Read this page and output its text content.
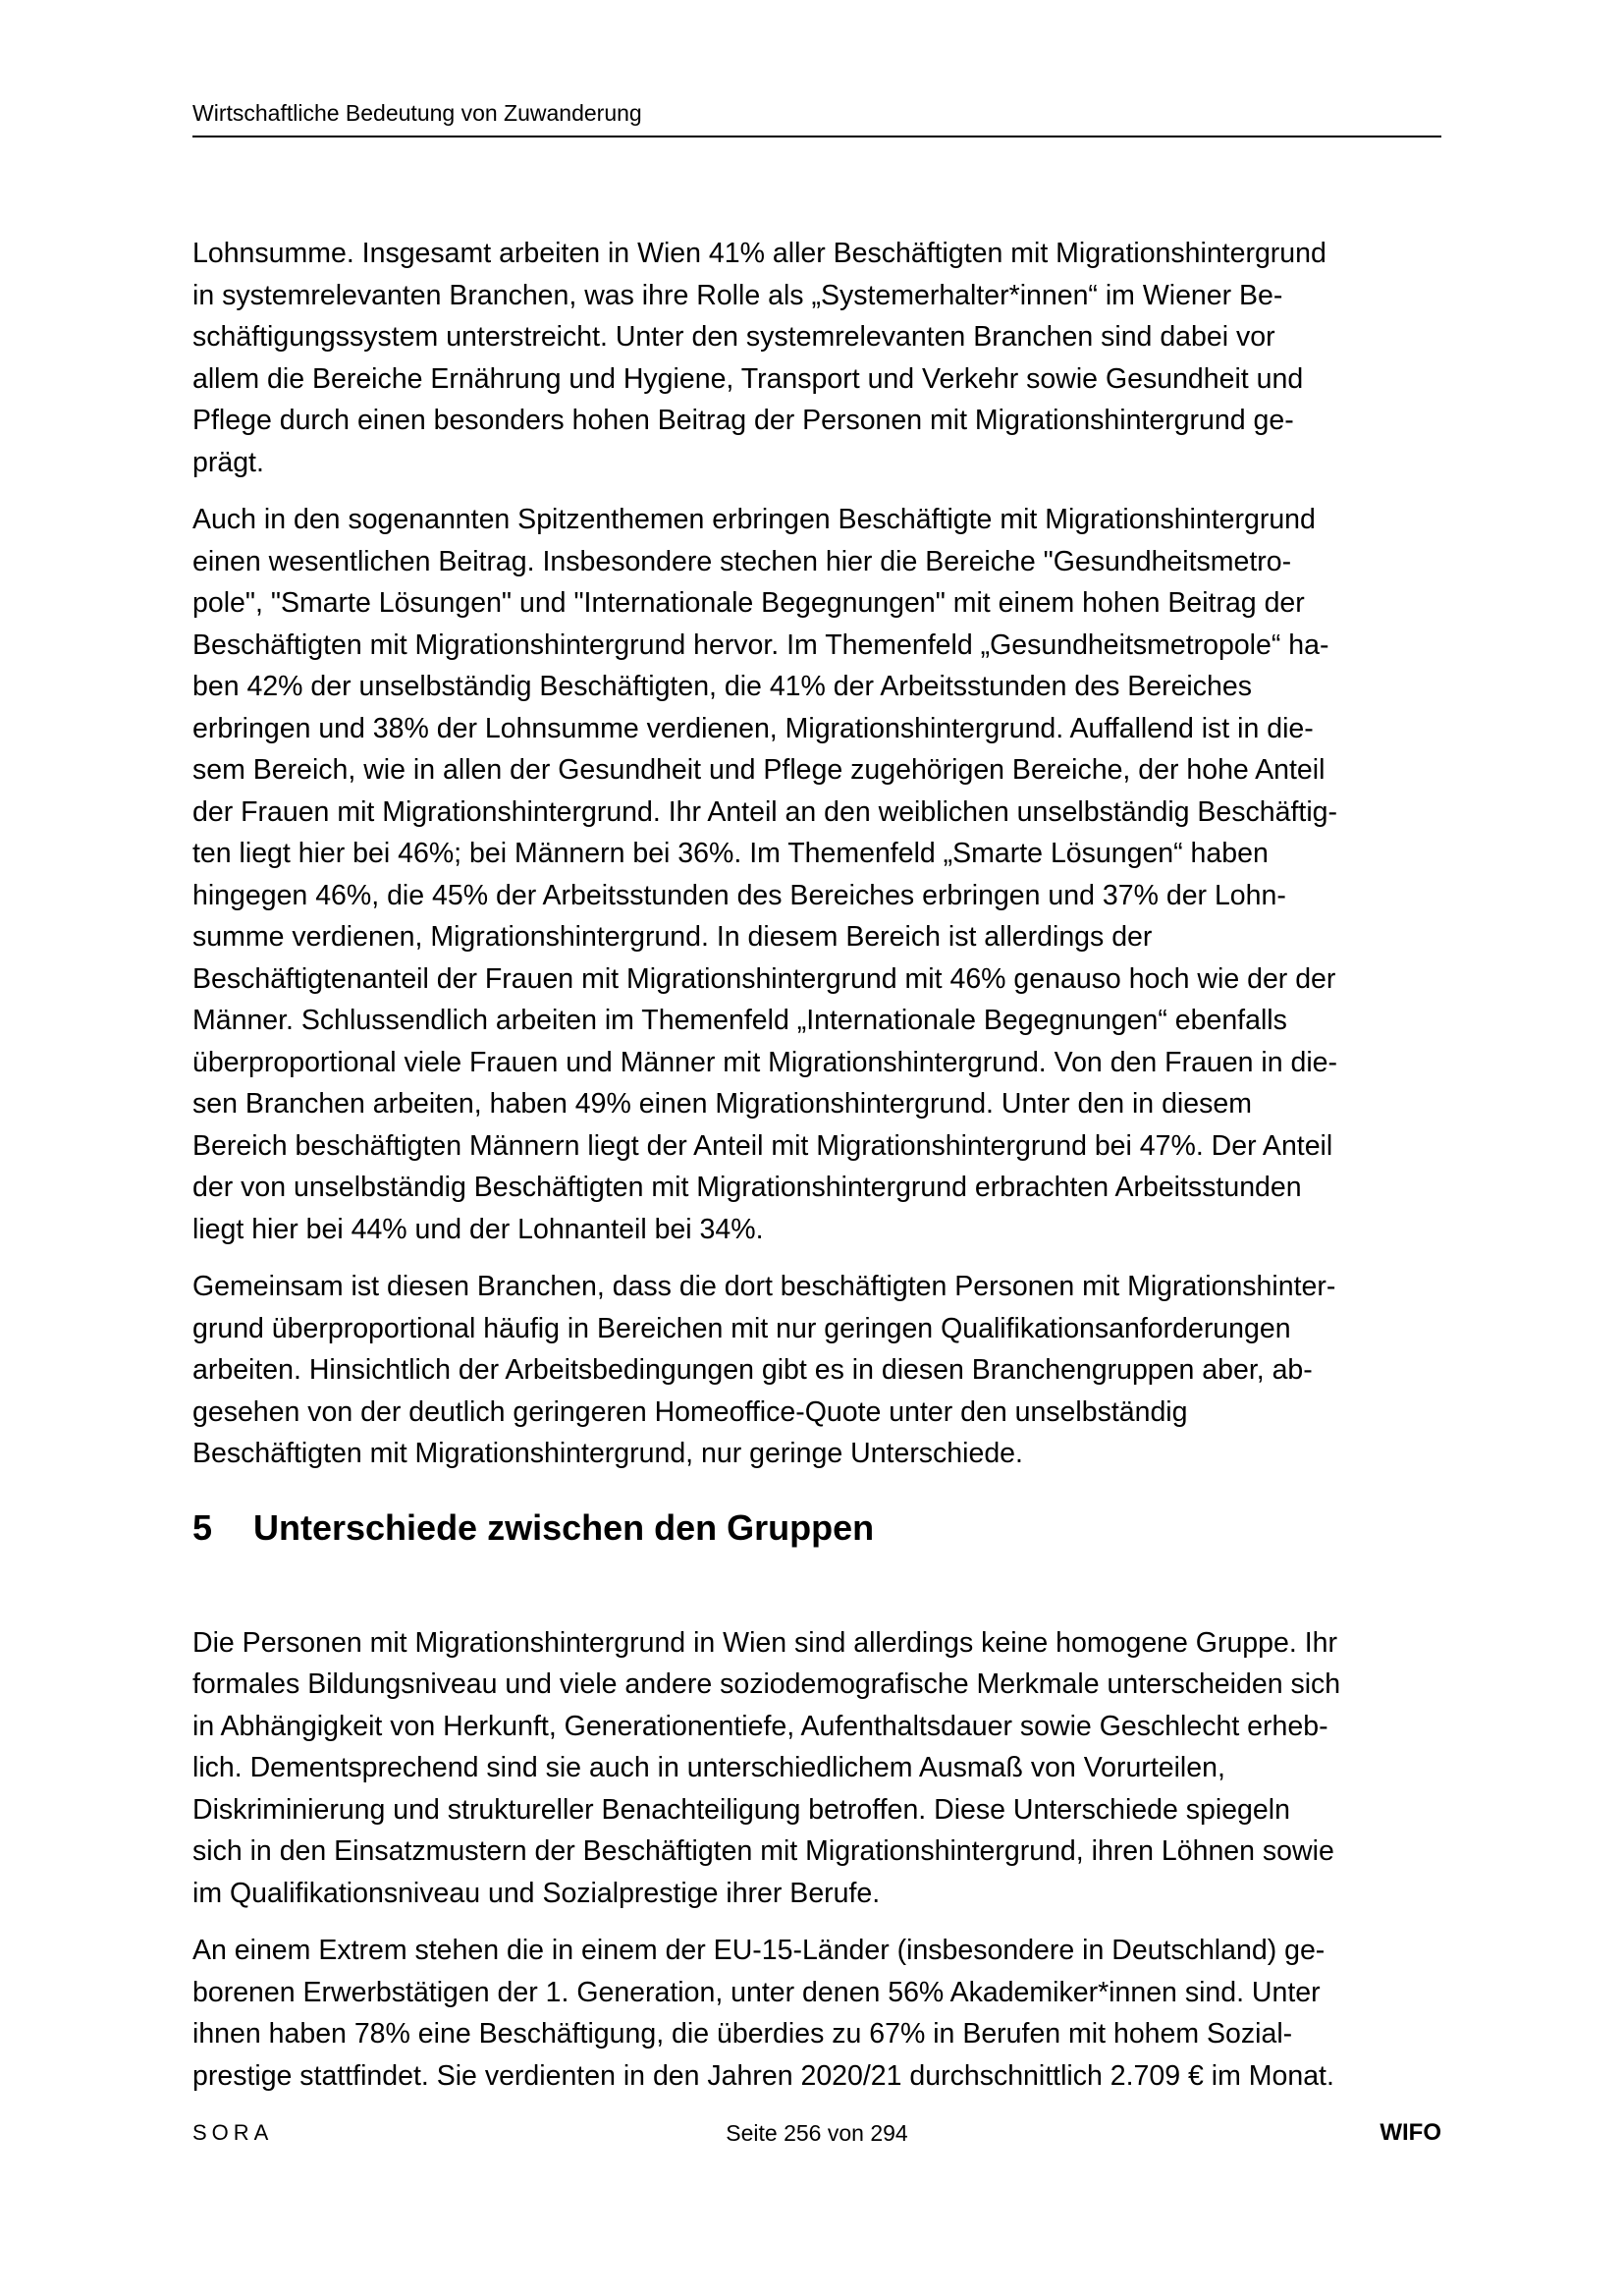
Wirtschaftliche Bedeutung von Zuwanderung

Lohnsumme. Insgesamt arbeiten in Wien 41% aller Beschäftigten mit Migrationshintergrund
in systemrelevanten Branchen, was ihre Rolle als „Systemerhalter*innen“ im Wiener Be-
schäftigungssystem unterstreicht. Unter den systemrelevanten Branchen sind dabei vor
allem die Bereiche Ernährung und Hygiene, Transport und Verkehr sowie Gesundheit und
Pflege durch einen besonders hohen Beitrag der Personen mit Migrationshintergrund ge-
prägt.

Auch in den sogenannten Spitzenthemen erbringen Beschäftigte mit Migrationshintergrund
einen wesentlichen Beitrag. Insbesondere stechen hier die Bereiche "Gesundheitsmetro-
pole", "Smarte Lösungen" und "Internationale Begegnungen" mit einem hohen Beitrag der
Beschäftigten mit Migrationshintergrund hervor. Im Themenfeld „Gesundheitsmetropole“ ha-
ben 42% der unselbständig Beschäftigten, die 41% der Arbeitsstunden des Bereiches
erbringen und 38% der Lohnsumme verdienen, Migrationshintergrund. Auffallend ist in die-
sem Bereich, wie in allen der Gesundheit und Pflege zugehörigen Bereiche, der hohe Anteil
der Frauen mit Migrationshintergrund. Ihr Anteil an den weiblichen unselbständig Beschäftig-
ten liegt hier bei 46%; bei Männern bei 36%. Im Themenfeld „Smarte Lösungen“ haben
hingegen 46%, die 45% der Arbeitsstunden des Bereiches erbringen und 37% der Lohn-
summe verdienen, Migrationshintergrund. In diesem Bereich ist allerdings der
Beschäftigtenanteil der Frauen mit Migrationshintergrund mit 46% genauso hoch wie der der
Männer. Schlussendlich arbeiten im Themenfeld „Internationale Begegnungen“ ebenfalls
überproportional viele Frauen und Männer mit Migrationshintergrund. Von den Frauen in die-
sen Branchen arbeiten, haben 49% einen Migrationshintergrund. Unter den in diesem
Bereich beschäftigten Männern liegt der Anteil mit Migrationshintergrund bei 47%. Der Anteil
der von unselbständig Beschäftigten mit Migrationshintergrund erbrachten Arbeitsstunden
liegt hier bei 44% und der Lohnanteil bei 34%.

Gemeinsam ist diesen Branchen, dass die dort beschäftigten Personen mit Migrationshinter-
grund überproportional häufig in Bereichen mit nur geringen Qualifikationsanforderungen
arbeiten. Hinsichtlich der Arbeitsbedingungen gibt es in diesen Branchengruppen aber, ab-
gesehen von der deutlich geringeren Homeoffice-Quote unter den unselbständig
Beschäftigten mit Migrationshintergrund, nur geringe Unterschiede.

5	Unterschiede zwischen den Gruppen

Die Personen mit Migrationshintergrund in Wien sind allerdings keine homogene Gruppe. Ihr
formales Bildungsniveau und viele andere soziodemografische Merkmale unterscheiden sich
in Abhängigkeit von Herkunft, Generationentiefe, Aufenthaltsdauer sowie Geschlecht erheb-
lich. Dementsprechend sind sie auch in unterschiedlichem Ausmaß von Vorurteilen,
Diskriminierung und struktureller Benachteiligung betroffen. Diese Unterschiede spiegeln
sich in den Einsatzmustern der Beschäftigten mit Migrationshintergrund, ihren Löhnen sowie
im Qualifikationsniveau und Sozialprestige ihrer Berufe.

An einem Extrem stehen die in einem der EU-15-Länder (insbesondere in Deutschland) ge-
borenen Erwerbstätigen der 1. Generation, unter denen 56% Akademiker*innen sind. Unter
ihnen haben 78% eine Beschäftigung, die überdies zu 67% in Berufen mit hohem Sozial-
prestige stattfindet. Sie verdienten in den Jahren 2020/21 durchschnittlich 2.709 € im Monat.

SORA	Seite 256 von 294	WIFO
